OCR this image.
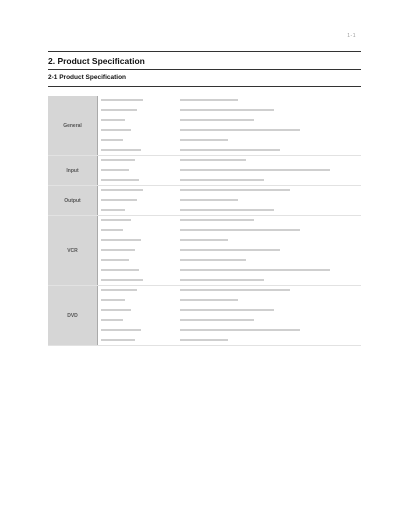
1-1
2. Product Specification
2-1 Product Specification
General
Input
Output
VCR
DVD
